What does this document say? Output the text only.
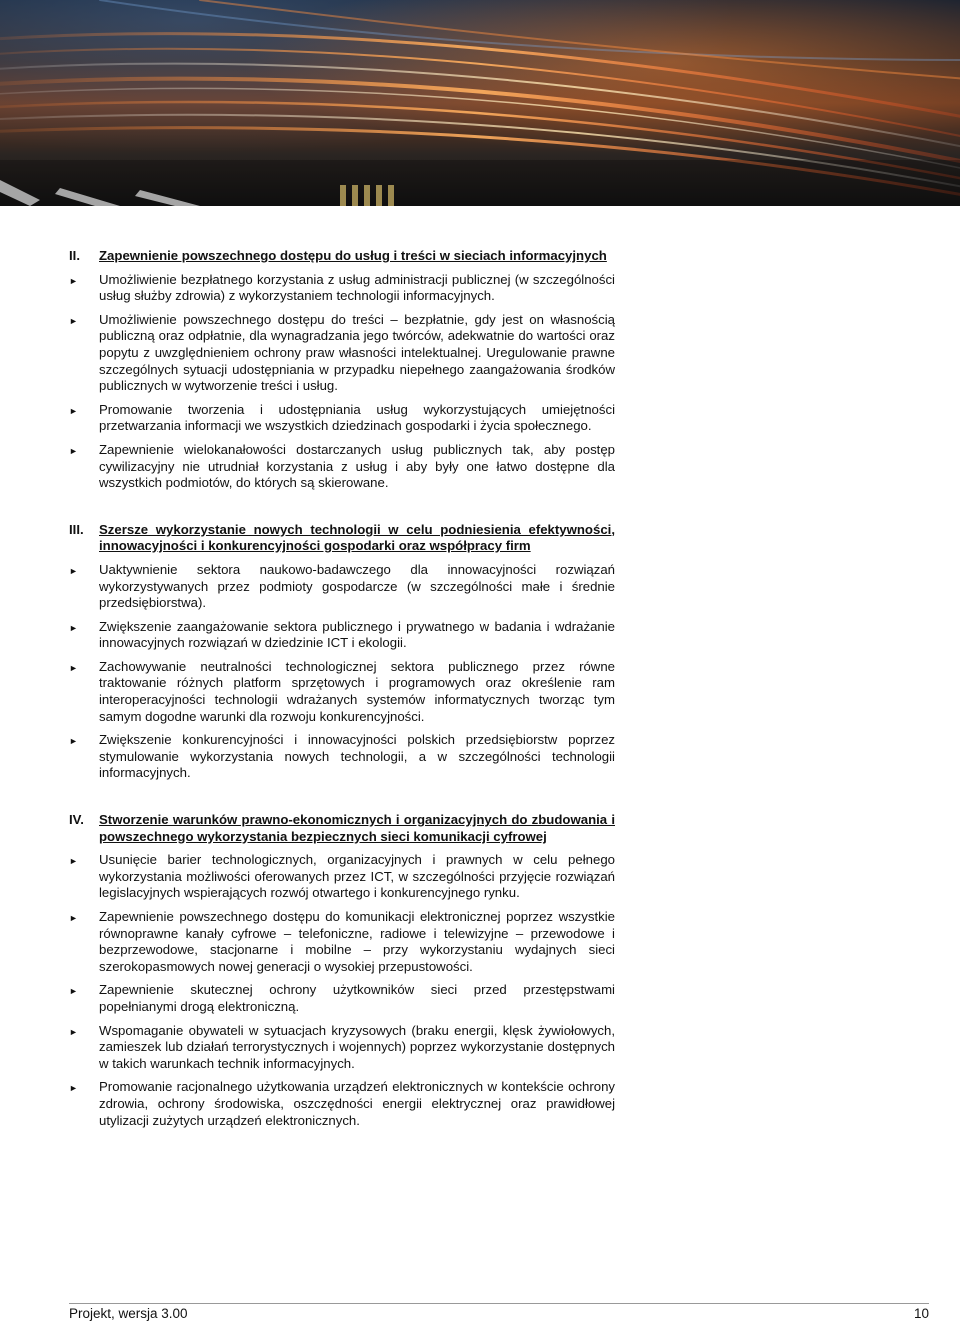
II.	Zapewnienie powszechnego dostępu do usług i treści w sieciach informacyjnych
►	Umożliwienie bezpłatnego korzystania z usług administracji publicznej (w szczególności usług służby zdrowia) z wykorzystaniem technologii informacyjnych.
►	Umożliwienie powszechnego dostępu do treści – bezpłatnie, gdy jest on własnością publiczną oraz odpłatnie, dla wynagradzania jego twórców, adekwatnie do wartości oraz popytu z uwzględnieniem ochrony praw własności intelektualnej. Uregulowanie prawne szczególnych sytuacji udostępniania w przypadku niepełnego zaangażowania środków publicznych w wytworzenie treści i usług.
►	Promowanie tworzenia i udostępniania usług wykorzystujących umiejętności przetwarzania informacji we wszystkich dziedzinach gospodarki i życia społecznego.
►	Zapewnienie wielokanałowości dostarczanych usług publicznych tak, aby postęp cywilizacyjny nie utrudniał korzystania z usług i aby były one łatwo dostępne dla wszystkich podmiotów, do których są skierowane.
III.	Szersze wykorzystanie nowych technologii w celu podniesienia efektywności, innowacyjności i konkurencyjności gospodarki oraz współpracy firm
►	Uaktywnienie sektora naukowo-badawczego dla innowacyjności rozwiązań wykorzystywanych przez podmioty gospodarcze (w szczególności małe i średnie przedsiębiorstwa).
►	Zwiększenie zaangażowanie sektora publicznego i prywatnego w badania i wdrażanie innowacyjnych rozwiązań w dziedzinie ICT i ekologii.
►	Zachowywanie neutralności technologicznej sektora publicznego przez równe traktowanie różnych platform sprzętowych i programowych oraz określenie ram interoperacyjności technologii wdrażanych systemów informatycznych tworząc tym samym dogodne warunki dla rozwoju konkurencyjności.
►	Zwiększenie konkurencyjności i innowacyjności polskich przedsiębiorstw poprzez stymulowanie wykorzystania nowych technologii, a w szczególności technologii informacyjnych.
IV.	Stworzenie warunków prawno-ekonomicznych i organizacyjnych do zbudowania i powszechnego wykorzystania bezpiecznych sieci komunikacji cyfrowej
►	Usunięcie barier technologicznych, organizacyjnych i prawnych w celu pełnego wykorzystania możliwości oferowanych przez ICT, w szczególności przyjęcie rozwiązań legislacyjnych wspierających rozwój otwartego i konkurencyjnego rynku.
►	Zapewnienie powszechnego dostępu do komunikacji elektronicznej poprzez wszystkie równoprawne kanały cyfrowe – telefoniczne, radiowe i telewizyjne – przewodowe i bezprzewodowe, stacjonarne i mobilne – przy wykorzystaniu wydajnych sieci szerokopasmowych nowej generacji o wysokiej przepustowości.
►	Zapewnienie skutecznej ochrony użytkowników sieci przed przestępstwami popełnianymi drogą elektroniczną.
►	Wspomaganie obywateli w sytuacjach kryzysowych (braku energii, klęsk żywiołowych, zamieszek lub działań terrorystycznych i wojennych) poprzez wykorzystanie dostępnych w takich warunkach technik informacyjnych.
►	Promowanie racjonalnego użytkowania urządzeń elektronicznych w kontekście ochrony zdrowia, ochrony środowiska, oszczędności energii elektrycznej oraz prawidłowej utylizacji zużytych urządzeń elektronicznych.
Projekt, wersja 3.00	10
